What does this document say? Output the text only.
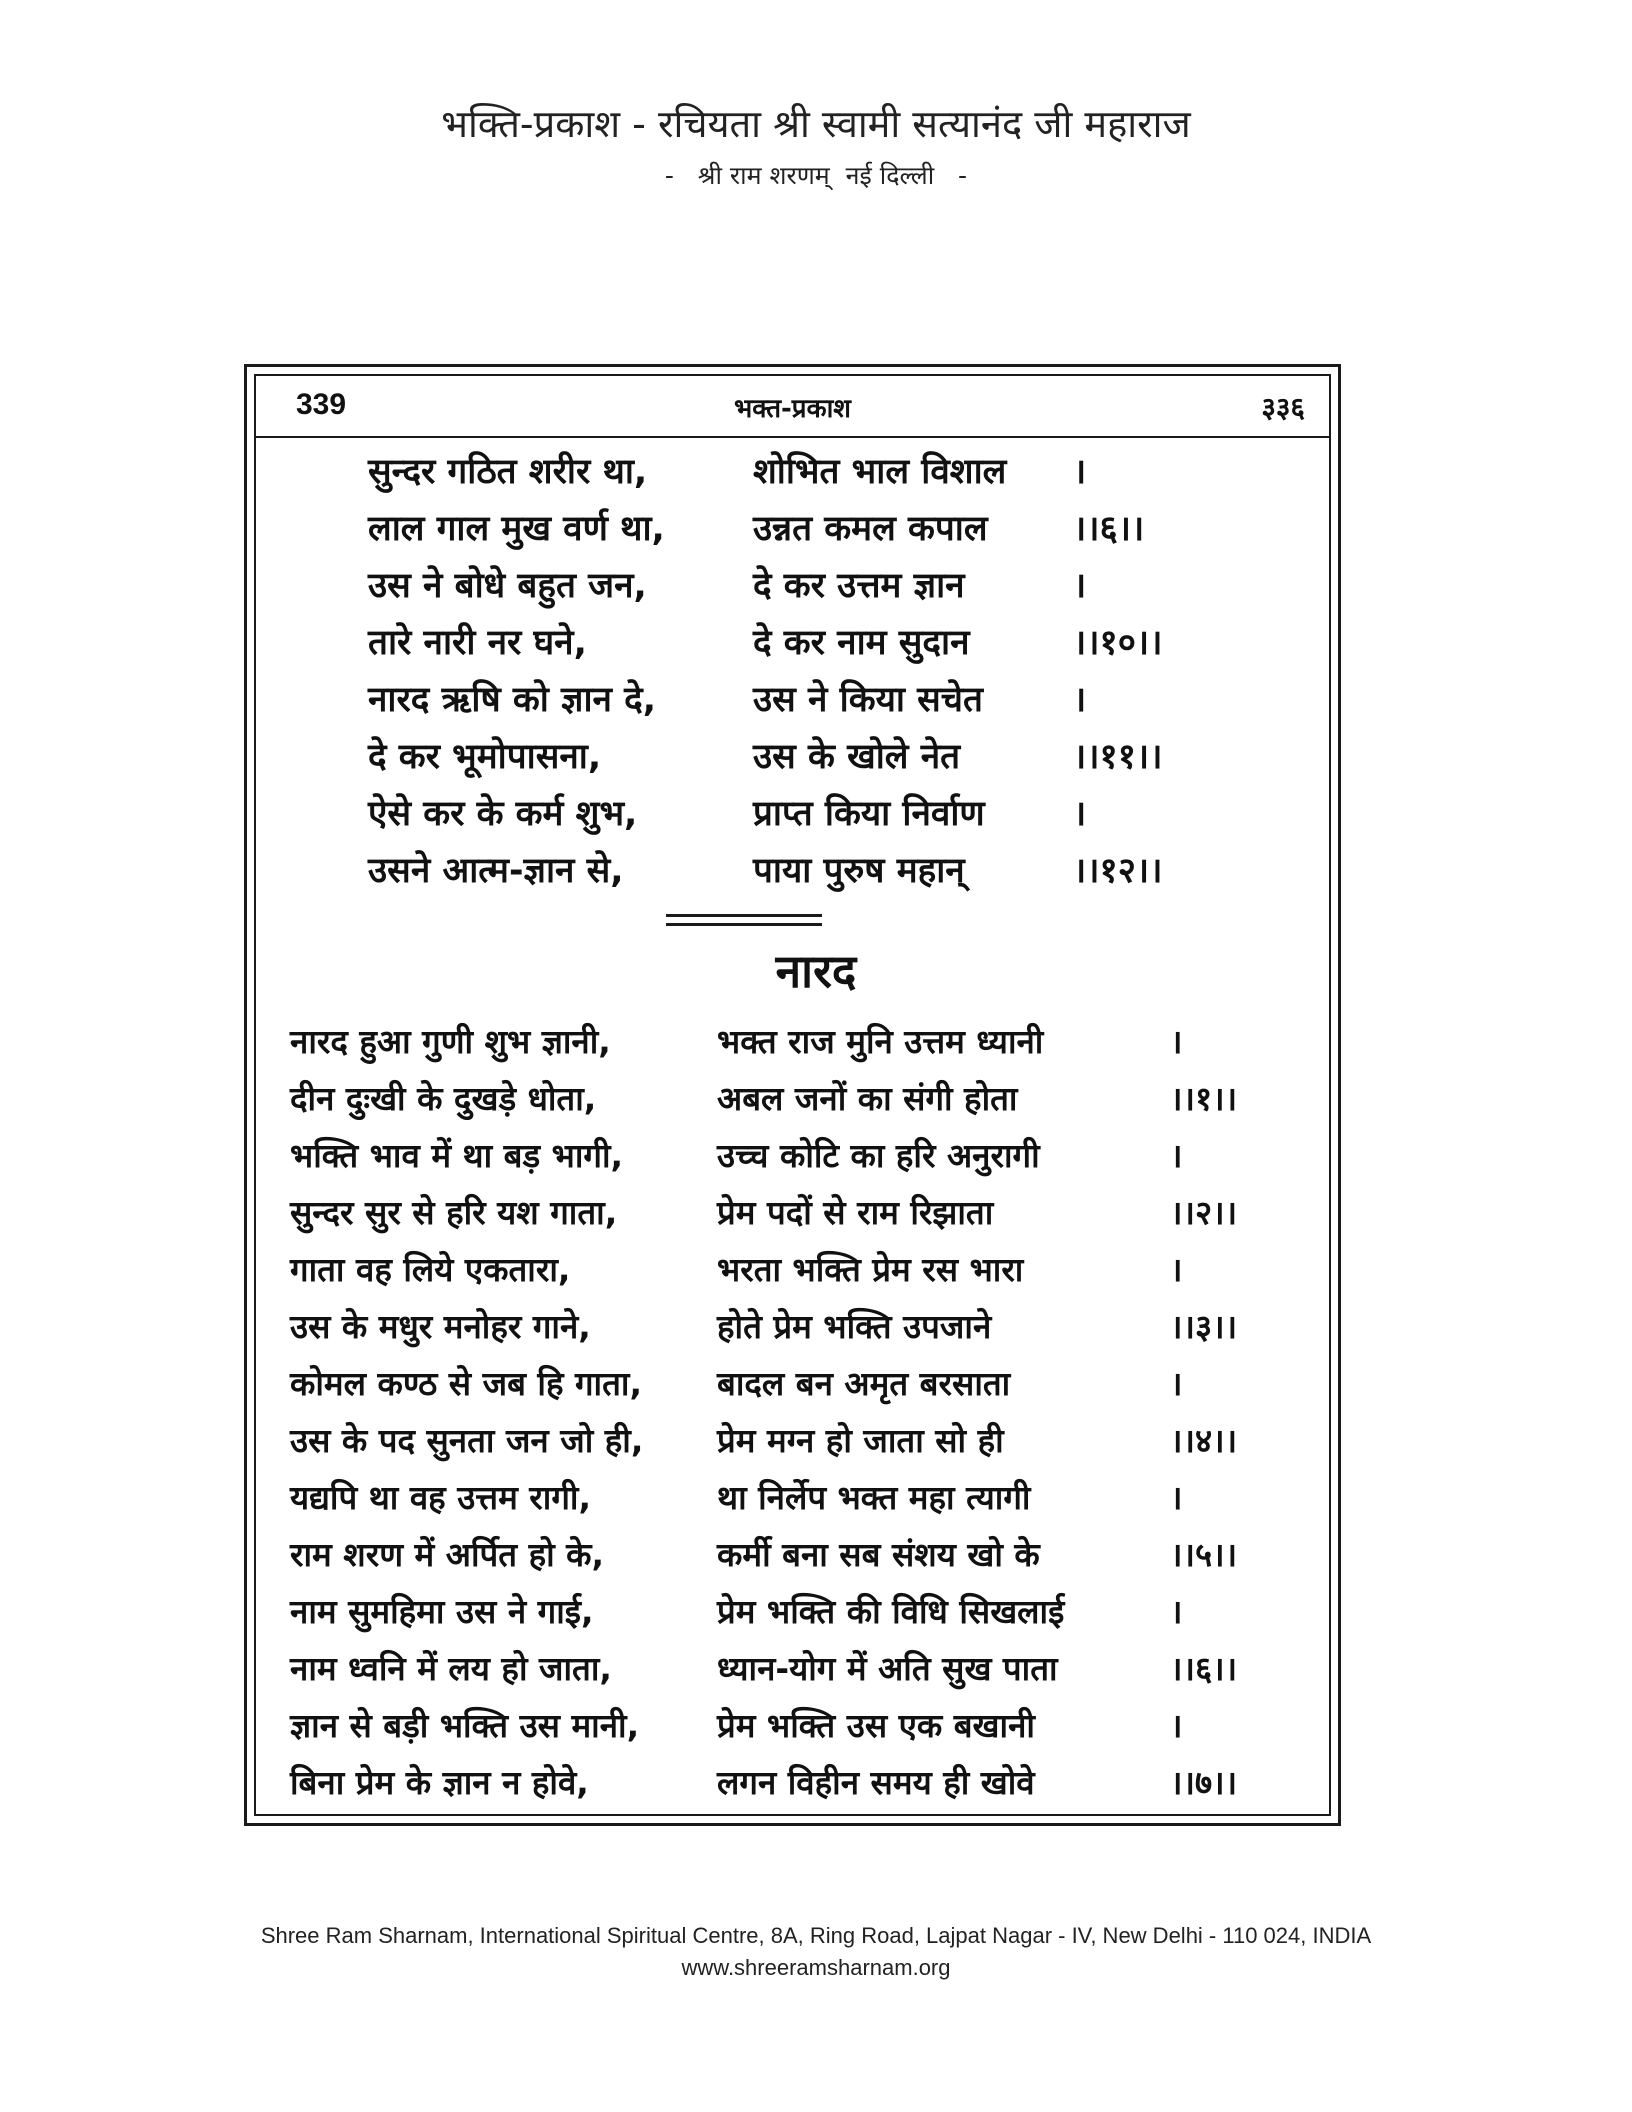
भक्ति-प्रकाश - रचियता श्री स्वामी सत्यानंद जी महाराज
-   श्री राम शरणम्  नई दिल्ली   -
339	भक्त-प्रकाश	३३६
सुन्दर गठित शरीर था,	शोभित भाल विशाल ।
लाल गाल मुख वर्ण था,	उन्नत कमल कपाल ।।६।।
उस ने बोधे बहुत जन,	दे कर उत्तम ज्ञान	।
तारे नारी नर घने,	दे कर नाम सुदान	।।१०।।
नारद ऋषि को ज्ञान दे,	उस ने किया सचेत	।
दे कर भूमोपासना,	उस के खोले नेत	।।११।।
ऐसे कर के कर्म शुभ,	प्राप्त किया निर्वाण	।
उसने आत्म-ज्ञान से,	पाया पुरुष महान्	।।१२।।
नारद
नारद हुआ गुणी शुभ ज्ञानी,	भक्त राज मुनि उत्तम ध्यानी	।
दीन दुःखी के दुखड़े धोता,	अबल जनों का संगी होता	।।१।।
भक्ति भाव में था बड़ भागी,	उच्च कोटि का हरि अनुरागी	।
सुन्दर सुर से हरि यश गाता,	प्रेम पदों से राम रिझाता	।।२।।
गाता वह लिये एकतारा,	भरता भक्ति प्रेम रस भारा	।
उस के मधुर मनोहर गाने,	होते प्रेम भक्ति उपजाने	।।३।।
कोमल कण्ठ से जब हि गाता, बादल बन अमृत बरसाता	।
उस के पद सुनता जन जो ही, प्रेम मग्न हो जाता सो ही	।।४।।
यद्यपि था वह उत्तम रागी,	था निर्लेप भक्त महा त्यागी	।
राम शरण में अर्पित हो के,	कर्मी बना सब संशय खो के	।।५।।
नाम सुमहिमा उस ने गाई,	प्रेम भक्ति की विधि सिखलाई	।
नाम ध्वनि में लय हो जाता,	ध्यान-योग में अति सुख पाता	।।६।।
ज्ञान से बड़ी भक्ति उस मानी, प्रेम भक्ति उस एक बखानी	।
बिना प्रेम के ज्ञान न होवे,	लगन विहीन समय ही खोवे	।।७।।
Shree Ram Sharnam, International Spiritual Centre, 8A, Ring Road, Lajpat Nagar - IV, New Delhi - 110 024, INDIA
www.shreeramsharnam.org
